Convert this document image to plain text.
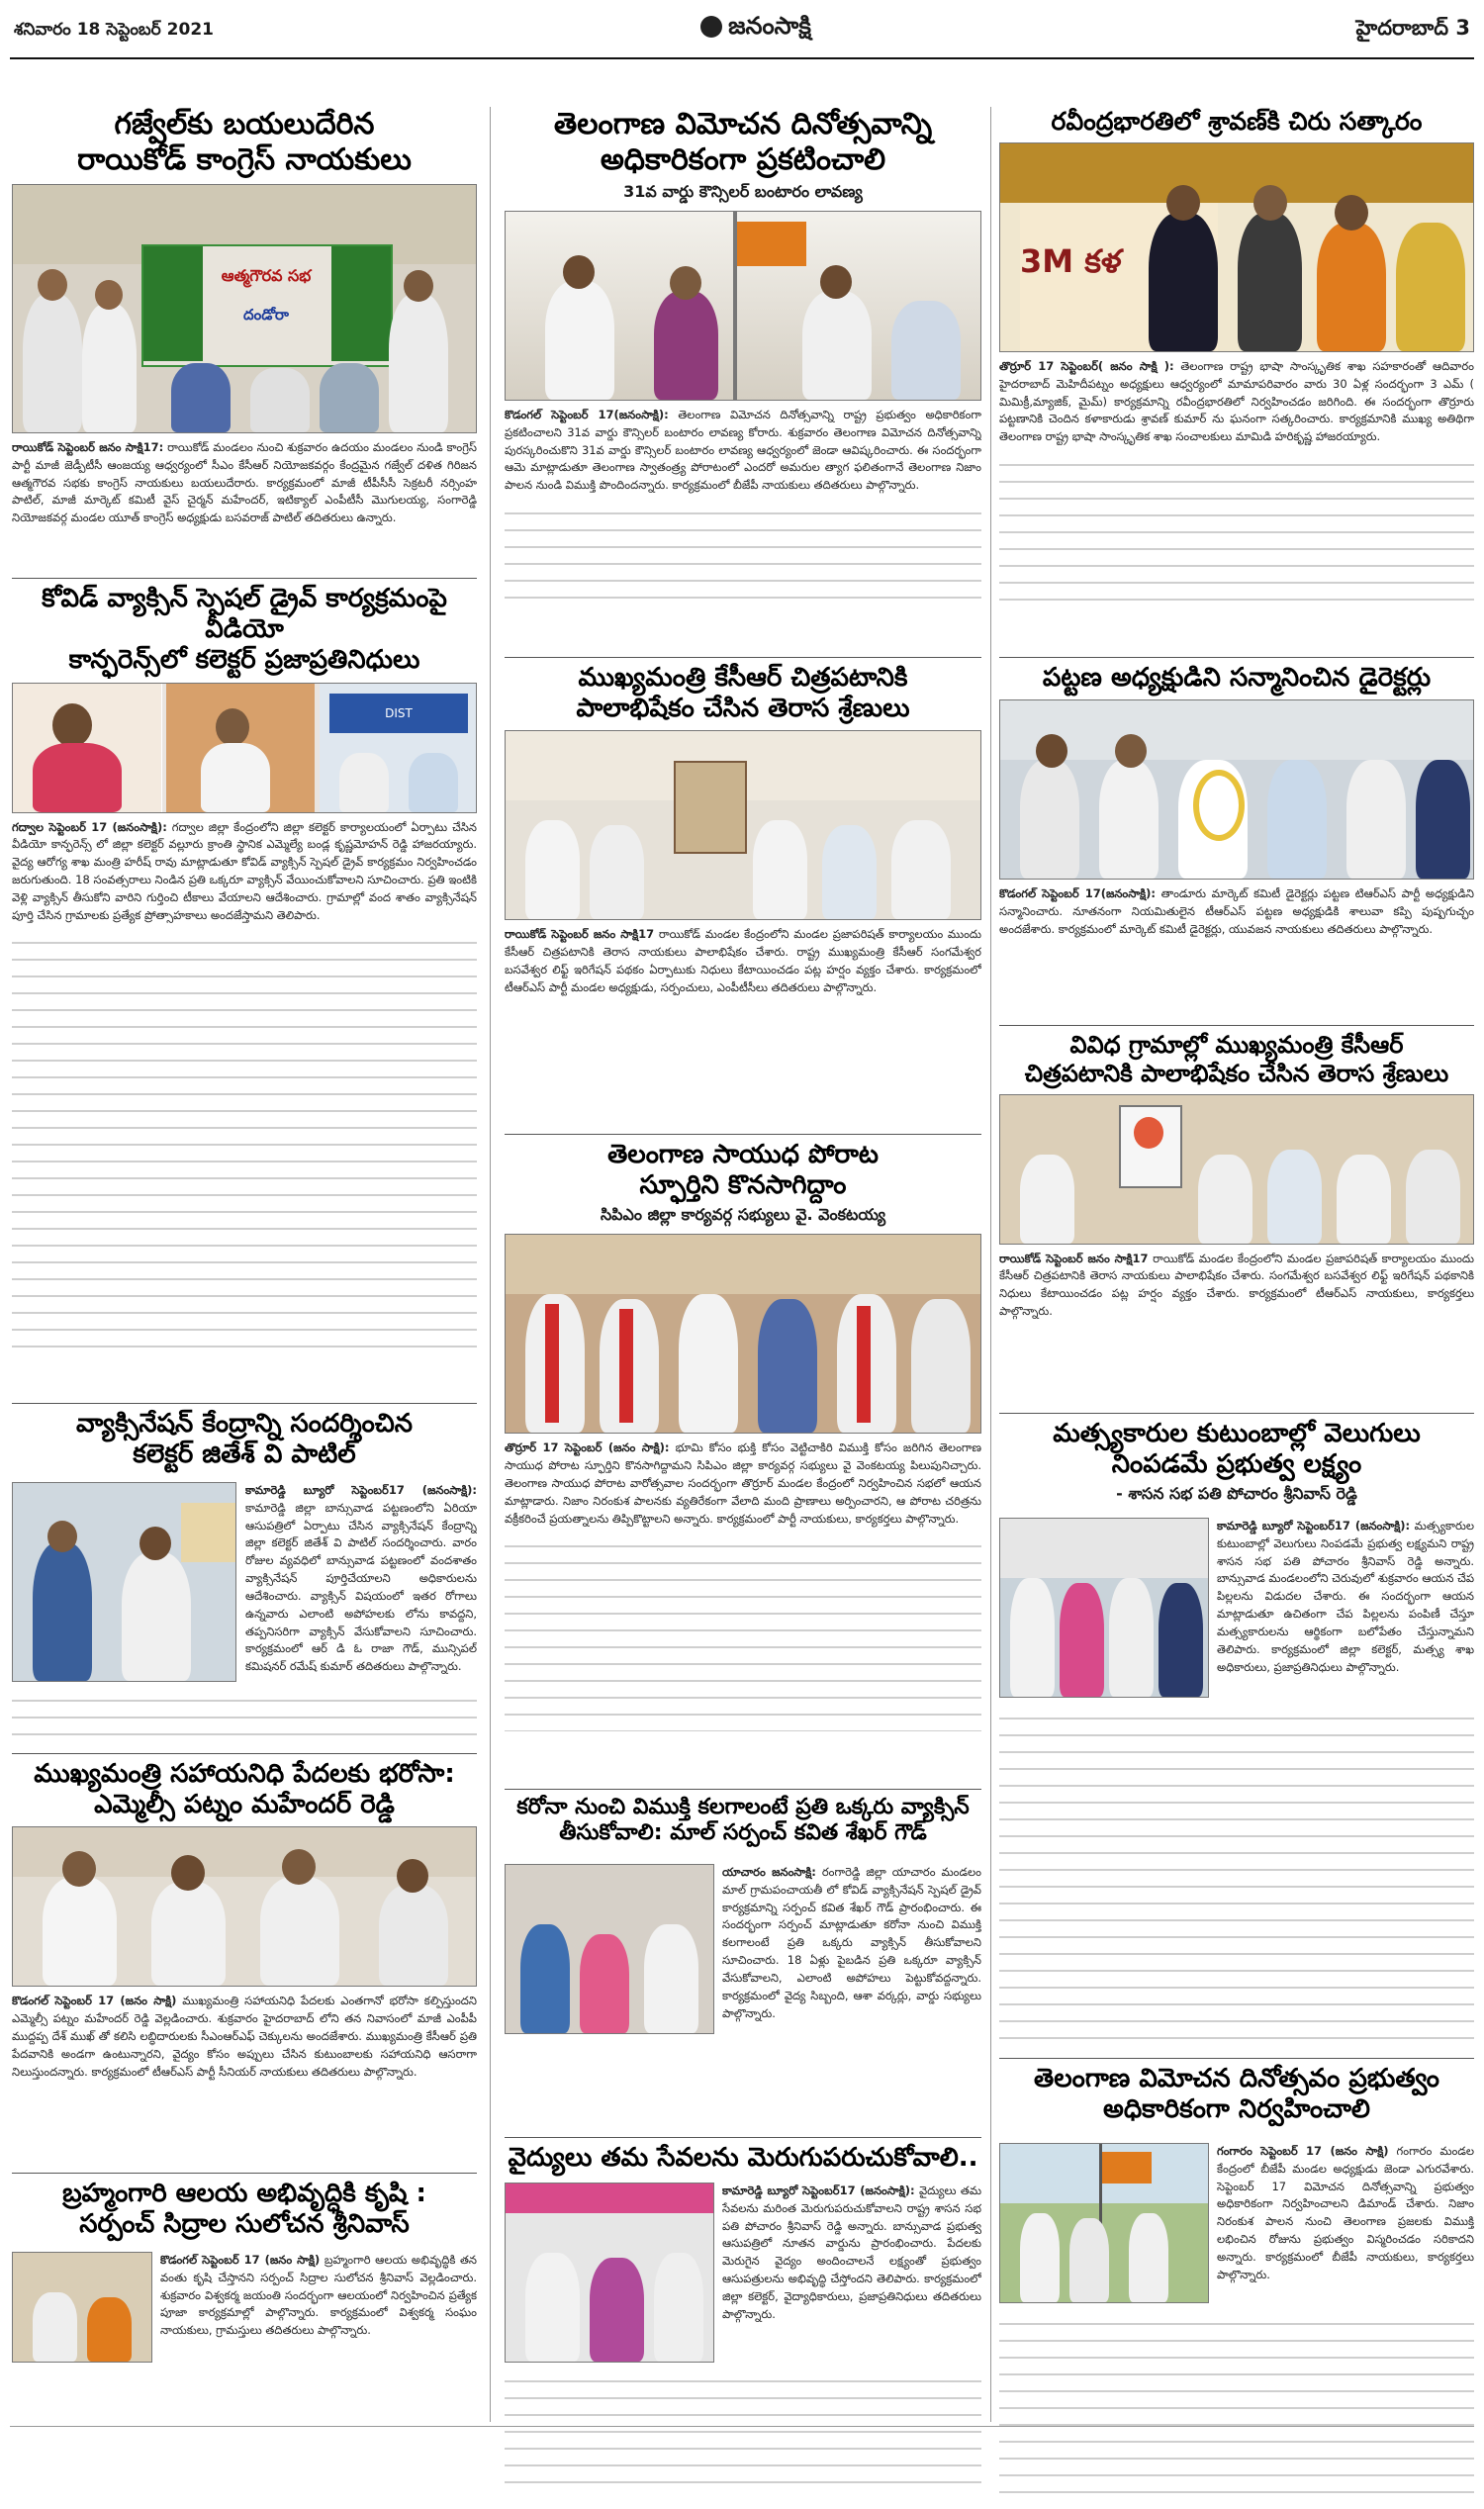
శనివారం 18 సెప్టెంబర్ 2021	జనంసాక్షి	హైదరాబాద్ 3
గజ్వేల్‌కు బయలుదేరిన
రాయికోడ్ కాంగ్రెస్ నాయకులు
ఆత్మగౌరవ సభ
దండోరా
రాయికోడ్ సెప్టెంబర్ జనం సాక్షి17: రాయికోడ్ మండలం నుంచి శుక్రవారం ఉదయం మండలం నుండి కాంగ్రెస్ పార్టీ మాజీ జెడ్పీటీసీ ఆంజయ్య ఆధ్వర్యంలో సీఎం కేసీఆర్ నియోజకవర్గం కేంద్రమైన గజ్వేల్ దళిత గిరిజన ఆత్మగౌరవ సభకు కాంగ్రెస్ నాయకులు బయలుదేరారు. కార్యక్రమంలో మాజీ టీపీసీసీ సెక్రటరీ నర్సింహ పాటిల్, మాజీ మార్కెట్ కమిటీ వైస్ చైర్మన్ మహేందర్, ఇటిక్యాల్ ఎంపీటీసీ మొగులయ్య, సంగారెడ్డి నియోజకవర్గ మండల యూత్ కాంగ్రెస్ అధ్యక్షుడు బసవరాజ్ పాటిల్ తదితరులు ఉన్నారు.
కోవిడ్ వ్యాక్సిన్ స్పెషల్ డ్రైవ్ కార్యక్రమంపై వీడియో
కాన్ఫరెన్స్‌లో కలెక్టర్ ప్రజాప్రతినిధులు
DIST
గద్వాల సెప్టెంబర్ 17 (జనంసాక్షి): గద్వాల జిల్లా కేంద్రంలోని జిల్లా కలెక్టర్ కార్యాలయంలో ఏర్పాటు చేసిన వీడియో కాన్ఫరెన్స్ లో జిల్లా కలెక్టర్ వల్లూరు క్రాంతి స్థానిక ఎమ్మెల్యే బండ్ల కృష్ణమోహన్ రెడ్డి హాజరయ్యారు. వైద్య ఆరోగ్య శాఖ మంత్రి హరీష్ రావు మాట్లాడుతూ కోవిడ్ వ్యాక్సిన్ స్పెషల్ డ్రైవ్ కార్యక్రమం నిర్వహించడం జరుగుతుంది. 18 సంవత్సరాలు నిండిన ప్రతి ఒక్కరూ వ్యాక్సిన్ వేయించుకోవాలని సూచించారు. ప్రతి ఇంటికి వెళ్లి వ్యాక్సిన్ తీసుకోని వారిని గుర్తించి టీకాలు వేయాలని ఆదేశించారు. గ్రామాల్లో వంద శాతం వ్యాక్సినేషన్ పూర్తి చేసిన గ్రామాలకు ప్రత్యేక ప్రోత్సాహకాలు అందజేస్తామని తెలిపారు.
వ్యాక్సినేషన్ కేంద్రాన్ని సందర్శించిన
కలెక్టర్ జితేశ్ వి పాటిల్
కామారెడ్డి బ్యూరో సెప్టెంబర్17 (జనంసాక్షి): కామారెడ్డి జిల్లా బాన్సువాడ పట్టణంలోని ఏరియా ఆసుపత్రిలో ఏర్పాటు చేసిన వ్యాక్సినేషన్ కేంద్రాన్ని జిల్లా కలెక్టర్ జితేశ్ వి పాటిల్ సందర్శించారు. వారం రోజుల వ్యవధిలో బాన్సువాడ పట్టణంలో వందశాతం వ్యాక్సినేషన్ పూర్తిచేయాలని అధికారులను ఆదేశించారు. వ్యాక్సిన్ విషయంలో ఇతర రోగాలు ఉన్నవారు ఎలాంటి అపోహలకు లోను కావద్దని, తప్పనిసరిగా వ్యాక్సిన్ వేసుకోవాలని సూచించారు. కార్యక్రమంలో ఆర్ డి ఓ రాజా గౌడ్, మున్సిపల్ కమిషనర్ రమేష్ కుమార్ తదితరులు పాల్గొన్నారు.
ముఖ్యమంత్రి సహాయనిధి పేదలకు భరోసా:
ఎమ్మెల్సీ పట్నం మహేందర్ రెడ్డి
కొడంగల్ సెప్టెంబర్ 17 (జనం సాక్షి) ముఖ్యమంత్రి సహాయనిధి పేదలకు ఎంతగానో భరోసా కల్పిస్తుందని ఎమ్మెల్సీ పట్నం మహేందర్ రెడ్డి వెల్లడించారు. శుక్రవారం హైదరాబాద్ లోని తన నివాసంలో మాజీ ఎంపీపీ ముద్దప్ప దేశ్ ముఖ్ తో కలిసి లబ్ధిదారులకు సీఎంఆర్ఎఫ్ చెక్కులను అందజేశారు. ముఖ్యమంత్రి కేసీఆర్ ప్రతి పేదవానికి అండగా ఉంటున్నారని, వైద్యం కోసం అప్పులు చేసిన కుటుంబాలకు సహాయనిధి ఆసరాగా నిలుస్తుందన్నారు. కార్యక్రమంలో టీఆర్ఎస్ పార్టీ సీనియర్ నాయకులు తదితరులు పాల్గొన్నారు.
బ్రహ్మంగారి ఆలయ అభివృద్ధికి కృషి :
సర్పంచ్ సిద్రాల సులోచన శ్రీనివాస్
కొడంగల్ సెప్టెంబర్ 17 (జనం సాక్షి) బ్రహ్మంగారి ఆలయ అభివృద్ధికి తన వంతు కృషి చేస్తానని సర్పంచ్ సిద్రాల సులోచన శ్రీనివాస్ వెల్లడించారు. శుక్రవారం విశ్వకర్మ జయంతి సందర్భంగా ఆలయంలో నిర్వహించిన ప్రత్యేక పూజా కార్యక్రమాల్లో పాల్గొన్నారు. కార్యక్రమంలో విశ్వకర్మ సంఘం నాయకులు, గ్రామస్తులు తదితరులు పాల్గొన్నారు.
తెలంగాణ విమోచన దినోత్సవాన్ని
అధికారికంగా ప్రకటించాలి
31వ వార్డు కౌన్సిలర్ బంటారం లావణ్య
కొడంగల్ సెప్టెంబర్ 17(జనంసాక్షి): తెలంగాణ విమోచన దినోత్సవాన్ని రాష్ట్ర ప్రభుత్వం అధికారికంగా ప్రకటించాలని 31వ వార్డు కౌన్సిలర్ బంటారం లావణ్య కోరారు. శుక్రవారం తెలంగాణ విమోచన దినోత్సవాన్ని పురస్కరించుకొని 31వ వార్డు కౌన్సిలర్ బంటారం లావణ్య ఆధ్వర్యంలో జెండా ఆవిష్కరించారు. ఈ సందర్భంగా ఆమె మాట్లాడుతూ తెలంగాణ స్వాతంత్ర్య పోరాటంలో ఎందరో అమరుల త్యాగ ఫలితంగానే తెలంగాణ నిజాం పాలన నుండి విముక్తి పొందిందన్నారు. కార్యక్రమంలో బీజేపీ నాయకులు తదితరులు పాల్గొన్నారు.
ముఖ్యమంత్రి కేసీఆర్ చిత్రపటానికి
పాలాభిషేకం చేసిన తెరాస శ్రేణులు
రాయికోడ్ సెప్టెంబర్ జనం సాక్షి17 రాయికోడ్ మండల కేంద్రంలోని మండల ప్రజాపరిషత్ కార్యాలయం ముందు కేసీఆర్ చిత్రపటానికి తెరాస నాయకులు పాలాభిషేకం చేశారు. రాష్ట్ర ముఖ్యమంత్రి కేసీఆర్ సంగమేశ్వర బసవేశ్వర లిఫ్ట్ ఇరిగేషన్ పథకం ఏర్పాటుకు నిధులు కేటాయించడం పట్ల హర్షం వ్యక్తం చేశారు. కార్యక్రమంలో టీఆర్ఎస్ పార్టీ మండల అధ్యక్షుడు, సర్పంచులు, ఎంపీటీసీలు తదితరులు పాల్గొన్నారు.
తెలంగాణ సాయుధ పోరాట
స్ఫూర్తిని కొనసాగిద్దాం
సిపిఎం జిల్లా కార్యవర్గ సభ్యులు వై. వెంకటయ్య
తొర్రూర్ 17 సెప్టెంబర్ (జనం సాక్షి): భూమి కోసం భుక్తి కోసం వెట్టిచాకిరి విముక్తి కోసం జరిగిన తెలంగాణ సాయుధ పోరాట స్ఫూర్తిని కొనసాగిద్దామని సిపిఎం జిల్లా కార్యవర్గ సభ్యులు వై వెంకటయ్య పిలుపునిచ్చారు. తెలంగాణ సాయుధ పోరాట వారోత్సవాల సందర్భంగా తొర్రూర్ మండల కేంద్రంలో నిర్వహించిన సభలో ఆయన మాట్లాడారు. నిజాం నిరంకుశ పాలనకు వ్యతిరేకంగా వేలాది మంది ప్రాణాలు అర్పించారని, ఆ పోరాట చరిత్రను వక్రీకరించే ప్రయత్నాలను తిప్పికొట్టాలని అన్నారు. కార్యక్రమంలో పార్టీ నాయకులు, కార్యకర్తలు పాల్గొన్నారు.
కరోనా నుంచి విముక్తి కలగాలంటే ప్రతి ఒక్కరు వ్యాక్సిన్
తీసుకోవాలి: మాల్ సర్పంచ్ కవిత శేఖర్ గౌడ్
యాచారం జనంసాక్షి: రంగారెడ్డి జిల్లా యాచారం మండలం మాల్ గ్రామపంచాయతీ లో కోవిడ్ వ్యాక్సినేషన్ స్పెషల్ డ్రైవ్ కార్యక్రమాన్ని సర్పంచ్ కవిత శేఖర్ గౌడ్ ప్రారంభించారు. ఈ సందర్భంగా సర్పంచ్ మాట్లాడుతూ కరోనా నుంచి విముక్తి కలగాలంటే ప్రతి ఒక్కరు వ్యాక్సిన్ తీసుకోవాలని సూచించారు. 18 ఏళ్లు పైబడిన ప్రతి ఒక్కరూ వ్యాక్సిన్ వేసుకోవాలని, ఎలాంటి అపోహలు పెట్టుకోవద్దన్నారు. కార్యక్రమంలో వైద్య సిబ్బంది, ఆశా వర్కర్లు, వార్డు సభ్యులు పాల్గొన్నారు.
వైద్యులు తమ సేవలను మెరుగుపరుచుకోవాలి..
కామారెడ్డి బ్యూరో సెప్టెంబర్17 (జనంసాక్షి): వైద్యులు తమ సేవలను మరింత మెరుగుపరుచుకోవాలని రాష్ట్ర శాసన సభ పతి పోచారం శ్రీనివాస్ రెడ్డి అన్నారు. బాన్సువాడ ప్రభుత్వ ఆసుపత్రిలో నూతన వార్డును ప్రారంభించారు. పేదలకు మెరుగైన వైద్యం అందించాలనే లక్ష్యంతో ప్రభుత్వం ఆసుపత్రులను అభివృద్ధి చేస్తోందని తెలిపారు. కార్యక్రమంలో జిల్లా కలెక్టర్, వైద్యాధికారులు, ప్రజాప్రతినిధులు తదితరులు పాల్గొన్నారు.
రవీంద్రభారతిలో శ్రావణ్‌కి చిరు సత్కారం
3M కళ
తొర్రూర్ 17 సెప్టెంబర్( జనం సాక్షి ): తెలంగాణ రాష్ట్ర భాషా సాంస్కృతిక శాఖ సహకారంతో ఆదివారం హైదరాబాద్ మెహిదీపట్నం అధ్యక్షులు ఆధ్వర్యంలో మామాపరివారం వారు 30 ఏళ్ల సందర్భంగా 3 ఎమ్ ( మిమిక్రీ,మ్యాజిక్, మైమ్) కార్యక్రమాన్ని రవీంద్రభారతిలో నిర్వహించడం జరిగింది. ఈ సందర్భంగా తొర్రూరు పట్టణానికి చెందిన కళాకారుడు శ్రావణ్ కుమార్ ను ఘనంగా సత్కరించారు. కార్యక్రమానికి ముఖ్య అతిథిగా తెలంగాణ రాష్ట్ర భాషా సాంస్కృతిక శాఖ సంచాలకులు మామిడి హరికృష్ణ హాజరయ్యారు.
పట్టణ అధ్యక్షుడిని సన్మానించిన డైరెక్టర్లు
కొడంగల్ సెప్టెంబర్ 17(జనంసాక్షి): తాండూరు మార్కెట్ కమిటీ డైరెక్టర్లు పట్టణ టిఆర్ఎస్ పార్టీ అధ్యక్షుడిని సన్మానించారు. నూతనంగా నియమితులైన టీఆర్ఎస్ పట్టణ అధ్యక్షుడికి శాలువా కప్పి పుష్పగుచ్ఛం అందజేశారు. కార్యక్రమంలో మార్కెట్ కమిటీ డైరెక్టర్లు, యువజన నాయకులు తదితరులు పాల్గొన్నారు.
వివిధ గ్రామాల్లో ముఖ్యమంత్రి కేసీఆర్
చిత్రపటానికి పాలాభిషేకం చేసిన తెరాస శ్రేణులు
రాయికోడ్ సెప్టెంబర్ జనం సాక్షి17 రాయికోడ్ మండల కేంద్రంలోని మండల ప్రజాపరిషత్ కార్యాలయం ముందు కేసీఆర్ చిత్రపటానికి తెరాస నాయకులు పాలాభిషేకం చేశారు. సంగమేశ్వర బసవేశ్వర లిఫ్ట్ ఇరిగేషన్ పథకానికి నిధులు కేటాయించడం పట్ల హర్షం వ్యక్తం చేశారు. కార్యక్రమంలో టీఆర్ఎస్ నాయకులు, కార్యకర్తలు పాల్గొన్నారు.
మత్స్యకారుల కుటుంబాల్లో వెలుగులు
నింపడమే ప్రభుత్వ లక్ష్యం
- శాసన సభ పతి పోచారం శ్రీనివాస్ రెడ్డి
కామారెడ్డి బ్యూరో సెప్టెంబర్17 (జనంసాక్షి): మత్స్యకారుల కుటుంబాల్లో వెలుగులు నింపడమే ప్రభుత్వ లక్ష్యమని రాష్ట్ర శాసన సభ పతి పోచారం శ్రీనివాస్ రెడ్డి అన్నారు. బాన్సువాడ మండలంలోని చెరువులో శుక్రవారం ఆయన చేప పిల్లలను విడుదల చేశారు. ఈ సందర్భంగా ఆయన మాట్లాడుతూ ఉచితంగా చేప పిల్లలను పంపిణీ చేస్తూ మత్స్యకారులను ఆర్థికంగా బలోపేతం చేస్తున్నామని తెలిపారు. కార్యక్రమంలో జిల్లా కలెక్టర్, మత్స్య శాఖ అధికారులు, ప్రజాప్రతినిధులు పాల్గొన్నారు.
తెలంగాణ విమోచన దినోత్సవం ప్రభుత్వం
అధికారికంగా నిర్వహించాలి
గంగారం సెప్టెంబర్ 17 (జనం సాక్షి) గంగారం మండల కేంద్రంలో బీజేపీ మండల అధ్యక్షుడు జెండా ఎగురవేశారు. సెప్టెంబర్ 17 విమోచన దినోత్సవాన్ని ప్రభుత్వం అధికారికంగా నిర్వహించాలని డిమాండ్ చేశారు. నిజాం నిరంకుశ పాలన నుంచి తెలంగాణ ప్రజలకు విముక్తి లభించిన రోజును ప్రభుత్వం విస్మరించడం సరికాదని అన్నారు. కార్యక్రమంలో బీజేపీ నాయకులు, కార్యకర్తలు పాల్గొన్నారు.
